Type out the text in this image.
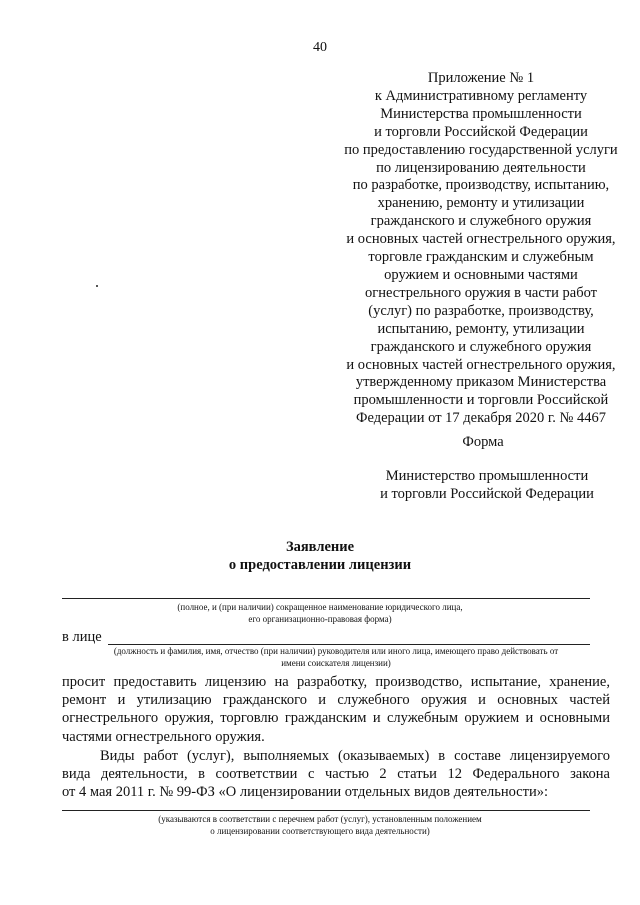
40
Приложение № 1
к Административному регламенту
Министерства промышленности
и торговли Российской Федерации
по предоставлению государственной услуги
по лицензированию деятельности
по разработке, производству, испытанию,
хранению, ремонту и утилизации
гражданского и служебного оружия
и основных частей огнестрельного оружия,
торговле гражданским и служебным
оружием и основными частями
огнестрельного оружия в части работ
(услуг) по разработке, производству,
испытанию, ремонту, утилизации
гражданского и служебного оружия
и основных частей огнестрельного оружия,
утвержденному приказом Министерства
промышленности и торговли Российской
Федерации от 17 декабря 2020 г. № 4467
Форма
Министерство промышленности
и торговли Российской Федерации
Заявление
о предоставлении лицензии
(полное, и (при наличии) сокращенное наименование юридического лица,
его организационно-правовая форма)
в лице
(должность и фамилия, имя, отчество (при наличии) руководителя или иного лица, имеющего право действовать от
имени соискателя лицензии)
просит предоставить лицензию на разработку, производство, испытание, хранение,
ремонт и утилизацию гражданского и служебного оружия и основных частей
огнестрельного оружия, торговлю гражданским и служебным оружием и основными
частями огнестрельного оружия.
Виды работ (услуг), выполняемых (оказываемых) в составе лицензируемого
вида деятельности, в соответствии с частью 2 статьи 12 Федерального закона
от 4 мая 2011 г. № 99-ФЗ «О лицензировании отдельных видов деятельности»:
(указываются в соответствии с перечнем работ (услуг), установленным положением
о лицензировании соответствующего вида деятельности)
